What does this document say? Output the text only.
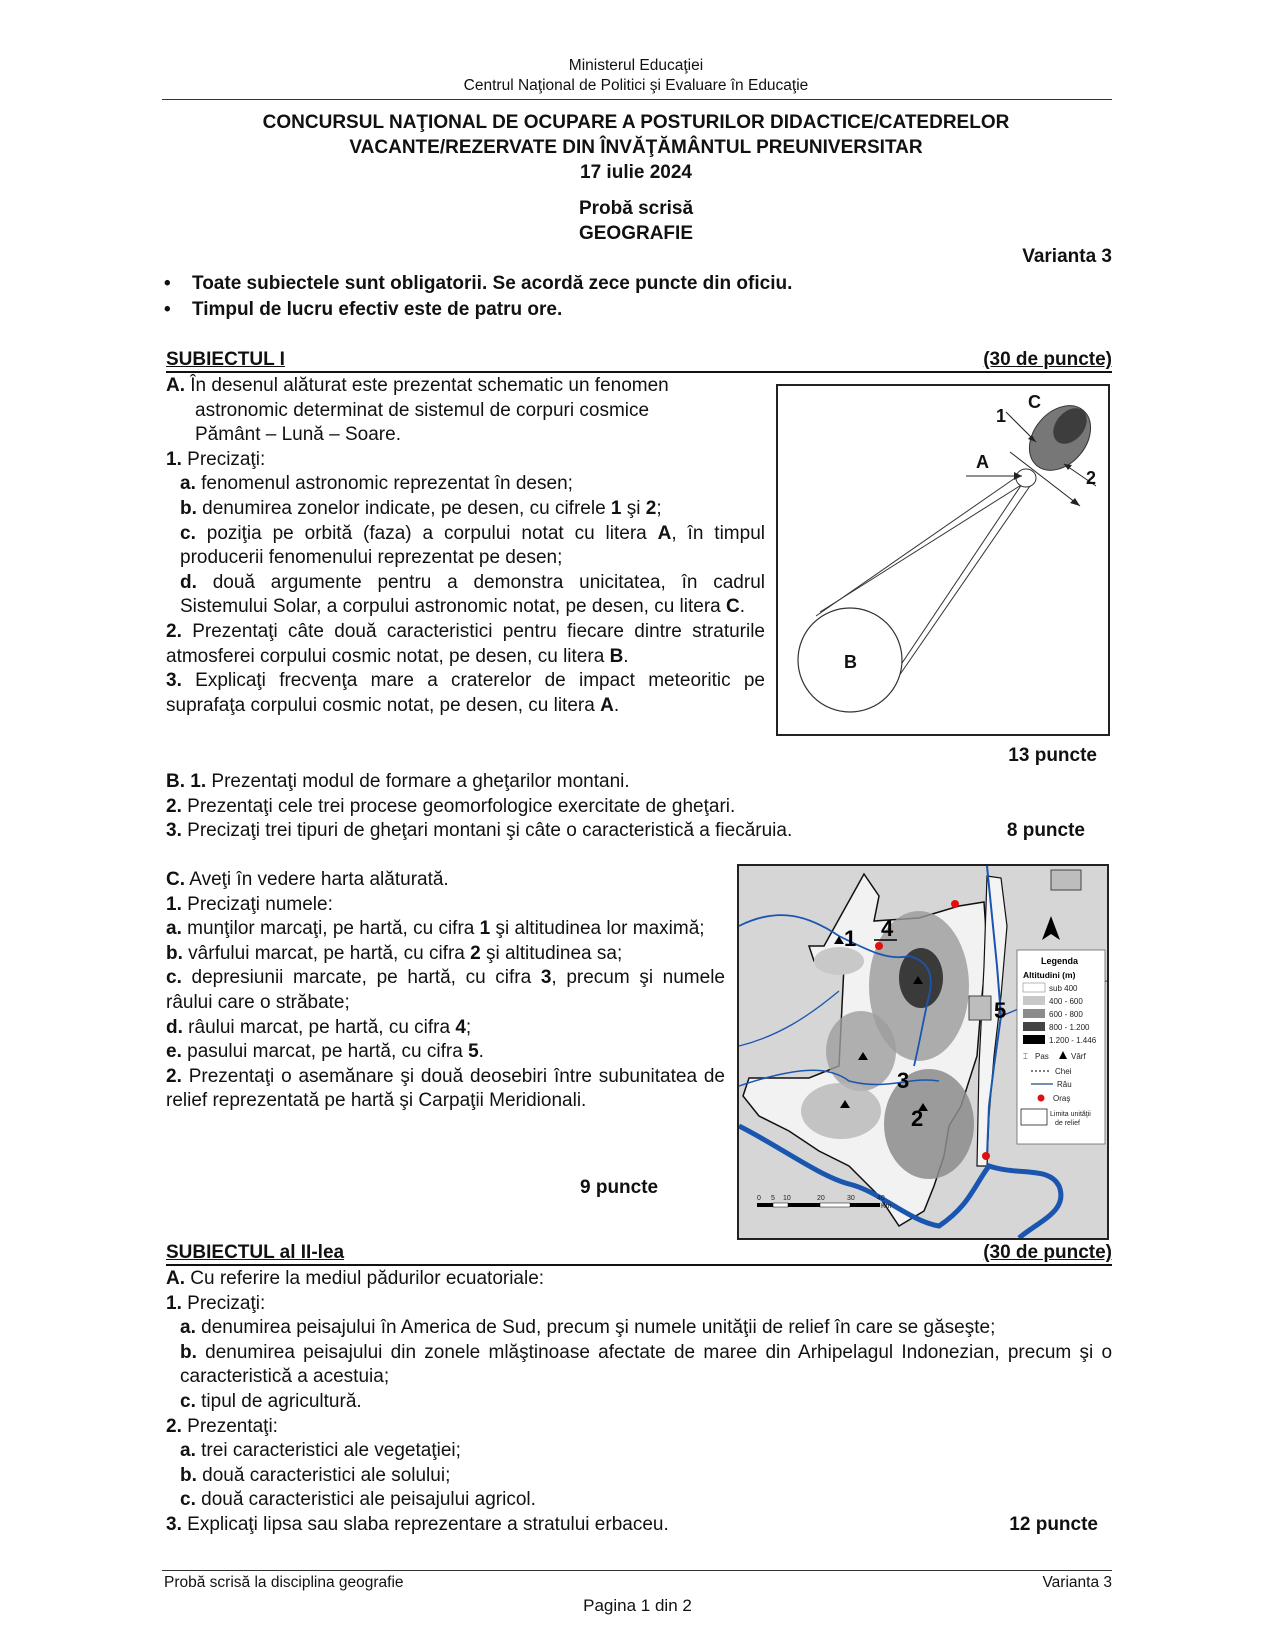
Ministerul Educaţiei
Centrul Naţional de Politici şi Evaluare în Educaţie
CONCURSUL NAŢIONAL DE OCUPARE A POSTURILOR DIDACTICE/CATEDRELOR
VACANTE/REZERVATE DIN ÎNVĂŢĂMÂNTUL PREUNIVERSITAR
17 iulie 2024
Probă scrisă
GEOGRAFIE
Varianta 3
• Toate subiectele sunt obligatorii. Se acordă zece puncte din oficiu.
• Timpul de lucru efectiv este de patru ore.
SUBIECTUL I	(30 de puncte)
A. În desenul alăturat este prezentat schematic un fenomen
astronomic determinat de sistemul de corpuri cosmice
Pământ – Lună – Soare.
1. Precizaţi:
a. fenomenul astronomic reprezentat în desen;
b. denumirea zonelor indicate, pe desen, cu cifrele 1 şi 2;
c. poziţia pe orbită (faza) a corpului notat cu litera A, în timpul producerii fenomenului reprezentat pe desen;
d. două argumente pentru a demonstra unicitatea, în cadrul Sistemului Solar, a corpului astronomic notat, pe desen, cu litera C.
2. Prezentaţi câte două caracteristici pentru fiecare dintre straturile atmosferei corpului cosmic notat, pe desen, cu litera B.
3. Explicaţi frecvenţa mare a craterelor de impact meteoritic pe suprafaţa corpului cosmic notat, pe desen, cu litera A.
A
B
C
1
2
13 puncte
B. 1. Prezentaţi modul de formare a gheţarilor montani.
2. Prezentaţi cele trei procese geomorfologice exercitate de gheţari.
3. Precizaţi trei tipuri de gheţari montani şi câte o caracteristică a fiecăruia.	8 puncte
C. Aveţi în vedere harta alăturată.
1. Precizaţi numele:
a. munţilor marcaţi, pe hartă, cu cifra 1 şi altitudinea lor maximă;
b. vârfului marcat, pe hartă, cu cifra 2 şi altitudinea sa;
c. depresiunii marcate, pe hartă, cu cifra 3, precum şi numele râului care o străbate;
d. râului marcat, pe hartă, cu cifra 4;
e. pasului marcat, pe hartă, cu cifra 5.
2. Prezentaţi o asemănare şi două deosebiri între subunitatea de relief reprezentată pe hartă şi Carpaţii Meridionali.
9 puncte
1
2
3
4
5
Legenda
Altitudini (m)
sub 400
400 - 600
600 - 800
800 - 1.200
1.200 - 1.446
⌶ Pas	Vârf
Chei
Râu
Oraş
Limita unităţii
de relief
0 5 10	20	30	40
Km
SUBIECTUL al II-lea	(30 de puncte)
A. Cu referire la mediul pădurilor ecuatoriale:
1. Precizaţi:
a. denumirea peisajului în America de Sud, precum şi numele unităţii de relief în care se găseşte;
b. denumirea peisajului din zonele mlăştinoase afectate de maree din Arhipelagul Indonezian, precum şi o caracteristică a acestuia;
c. tipul de agricultură.
2. Prezentaţi:
a. trei caracteristici ale vegetaţiei;
b. două caracteristici ale solului;
c. două caracteristici ale peisajului agricol.
3. Explicaţi lipsa sau slaba reprezentare a stratului erbaceu.	12 puncte
Probă scrisă la disciplina geografie	Varianta 3
Pagina 1 din 2
